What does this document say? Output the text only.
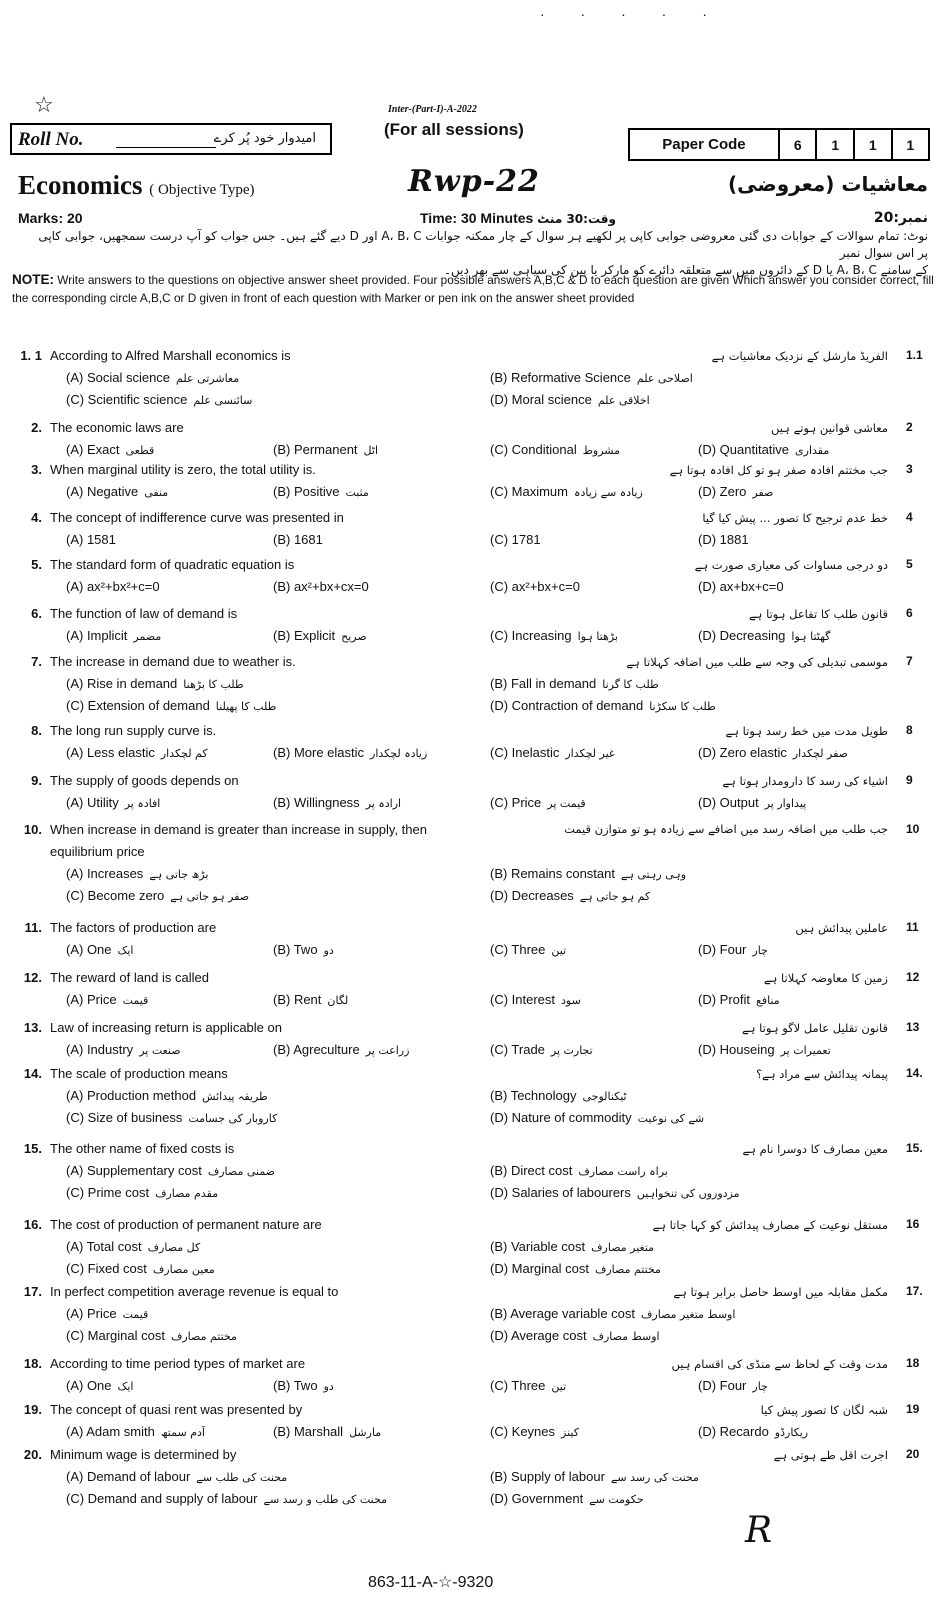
· · · · ·
☆	Inter-(Part-I)-A-2022
(For all sessions)
Roll No.	امیدوار خود پُر کرے	Paper Code	6	1	1	1
Economics ( Objective Type)	Rwp-22	معاشیات (معروضی)
Marks: 20	Time: 30 Minutes وقت:30 منٹ	نمبر:20
نوٹ: تمام سوالات کے جوابات دی گئی معروضی جوابی کاپی پر لکھیے ہر سوال کے چار ممکنہ جوابات A، B، C اور D دیے گئے ہیں۔ جس جواب کو آپ درست سمجھیں، جوابی کاپی پر اس سوال نمبر
کے سامنے A، B، C یا D کے دائروں میں سے متعلقہ دائرے کو مارکر یا پین کی سیاہی سے بھر دیں۔
NOTE: Write answers to the questions on objective answer sheet provided. Four possible answers A,B,C & D to each question are given Which answer you consider correct, fill the corresponding circle A,B,C or D given in front of each question with Marker or pen ink on the answer sheet provided
1. 1 According to Alfred Marshall economics is	الفریڈ مارشل کے نزدیک معاشیات ہے 1.1
(A) Social science معاشرتی علم	(B) Reformative Science اصلاحی علم
(C) Scientific science سائنسی علم	(D) Moral science اخلاقی علم
2. The economic laws are	معاشی قوانین ہوتے ہیں 2
(A) Exact قطعی	(B) Permanent اٹل	(C) Conditional مشروط	(D) Quantitative مقداری
3. When marginal utility is zero, the total utility is.	جب مختتم افادہ صفر ہو تو کل افادہ ہوتا ہے 3
(A) Negative منفی	(B) Positive مثبت	(C) Maximum زیادہ سے زیادہ	(D) Zero صفر
4. The concept of indifference curve was presented in	خط عدم ترجیح کا تصور ... پیش کیا گیا 4
(A) 1581	(B) 1681	(C) 1781	(D) 1881
5. The standard form of quadratic equation is	دو درجی مساوات کی معیاری صورت ہے 5
(A) ax²+bx²+c=0	(B) ax²+bx+cx=0	(C) ax²+bx+c=0	(D) ax+bx+c=0
6. The function of law of demand is	قانون طلب کا تفاعل ہوتا ہے 6
(A) Implicit مضمر	(B) Explicit صریح	(C) Increasing بڑھتا ہوا	(D) Decreasing گھٹتا ہوا
7. The increase in demand due to weather is.	موسمی تبدیلی کی وجہ سے طلب میں اضافہ کہلاتا ہے 7
(A) Rise in demand طلب کا بڑھنا	(B) Fall in demand طلب کا گرنا
(C) Extension of demand طلب کا پھیلنا	(D) Contraction of demand طلب کا سکڑنا
8. The long run supply curve is.	طویل مدت میں خط رسد ہوتا ہے 8
(A) Less elastic کم لچکدار	(B) More elastic زیادہ لچکدار	(C) Inelastic غیر لچکدار	(D) Zero elastic صفر لچکدار
9. The supply of goods depends on	اشیاء کی رسد کا دارومدار ہوتا ہے 9
(A) Utility افادہ پر	(B) Willingness ارادہ پر	(C) Price قیمت پر	(D) Output پیداوار پر
10. When increase in demand is greater than increase in supply, then	جب طلب میں اضافہ رسد میں اضافے سے زیادہ ہو تو متوازن قیمت 10
equilibrium price
(A) Increases بڑھ جاتی ہے	(B) Remains constant وہی رہتی ہے
(C) Become zero صفر ہو جاتی ہے	(D) Decreases کم ہو جاتی ہے
11. The factors of production are	عاملین پیدائش ہیں 11
(A) One ایک	(B) Two دو	(C) Three تین	(D) Four چار
12. The reward of land is called	زمین کا معاوضہ کہلاتا ہے 12
(A) Price قیمت	(B) Rent لگان	(C) Interest سود	(D) Profit منافع
13. Law of increasing return is applicable on	قانون تقلیل عامل لاگو ہوتا ہے 13
(A) Industry صنعت پر	(B) Agreculture زراعت پر	(C) Trade تجارت پر	(D) Houseing تعمیرات پر
14. The scale of production means	پیمانہ پیدائش سے مراد ہے؟ 14.
(A) Production method طریقہ پیدائش	(B) Technology ٹیکنالوجی
(C) Size of business کاروبار کی جسامت	(D) Nature of commodity شے کی نوعیت
15. The other name of fixed costs is	معین مصارف کا دوسرا نام ہے 15.
(A) Supplementary cost ضمنی مصارف	(B) Direct cost براہ راست مصارف
(C) Prime cost مقدم مصارف	(D) Salaries of labourers مزدوروں کی تنخواہیں
16. The cost of production of permanent nature are	مستقل نوعیت کے مصارف پیدائش کو کہا جاتا ہے 16
(A) Total cost کل مصارف	(B) Variable cost متغیر مصارف
(C) Fixed cost معین مصارف	(D) Marginal cost مختتم مصارف
17. In perfect competition average revenue is equal to	مکمل مقابلہ میں اوسط حاصل برابر ہوتا ہے 17.
(A) Price قیمت	(B) Average variable cost اوسط متغیر مصارف
(C) Marginal cost مختتم مصارف	(D) Average cost اوسط مصارف
18. According to time period types of market are	مدت وقت کے لحاظ سے منڈی کی اقسام ہیں 18
(A) One ایک	(B) Two دو	(C) Three تین	(D) Four چار
19. The concept of quasi rent was presented by	شبہ لگان کا تصور پیش کیا 19
(A) Adam smith آدم سمتھ	(B) Marshall مارشل	(C) Keynes کینز	(D) Recardo ریکارڈو
20. Minimum wage is determined by	اجرت اقل طے ہوتی ہے 20
(A) Demand of labour محنت کی طلب سے	(B) Supply of labour محنت کی رسد سے
(C) Demand and supply of labour محنت کی طلب و رسد سے	(D) Government حکومت سے
R
863-11-A-☆-9320
